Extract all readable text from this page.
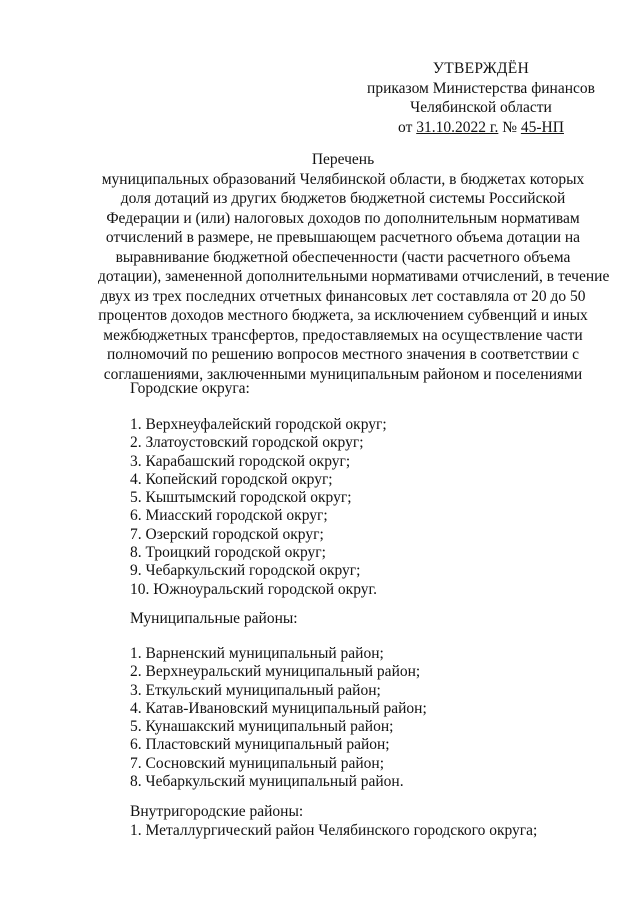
УТВЕРЖДЁН
приказом Министерства финансов
Челябинской области
от 31.10.2022 г. № 45-НП
Перечень
муниципальных образований Челябинской области, в бюджетах которых
доля дотаций из других бюджетов бюджетной системы Российской
Федерации и (или) налоговых доходов по дополнительным нормативам
отчислений в размере, не превышающем расчетного объема дотации на
выравнивание бюджетной обеспеченности (части расчетного объема
дотации), замененной дополнительными нормативами отчислений, в течение
двух из трех последних отчетных финансовых лет составляла от 20 до 50
процентов доходов местного бюджета, за исключением субвенций и иных
межбюджетных трансфертов, предоставляемых на осуществление части
полномочий по решению вопросов местного значения в соответствии с
соглашениями, заключенными муниципальным районом и поселениями
Городские округа:
1. Верхнеуфалейский городской округ;
2. Златоустовский городской округ;
3. Карабашский городской округ;
4. Копейский городской округ;
5. Кыштымский городской округ;
6. Миасский городской округ;
7. Озерский городской округ;
8. Троицкий городской округ;
9. Чебаркульский городской округ;
10. Южноуральский городской округ.
Муниципальные районы:
1. Варненский муниципальный район;
2. Верхнеуральский муниципальный район;
3. Еткульский муниципальный район;
4. Катав-Ивановский муниципальный район;
5. Кунашакский муниципальный район;
6. Пластовский муниципальный район;
7. Сосновский муниципальный район;
8. Чебаркульский муниципальный район.
Внутригородские районы:
1. Металлургический район Челябинского городского округа;
